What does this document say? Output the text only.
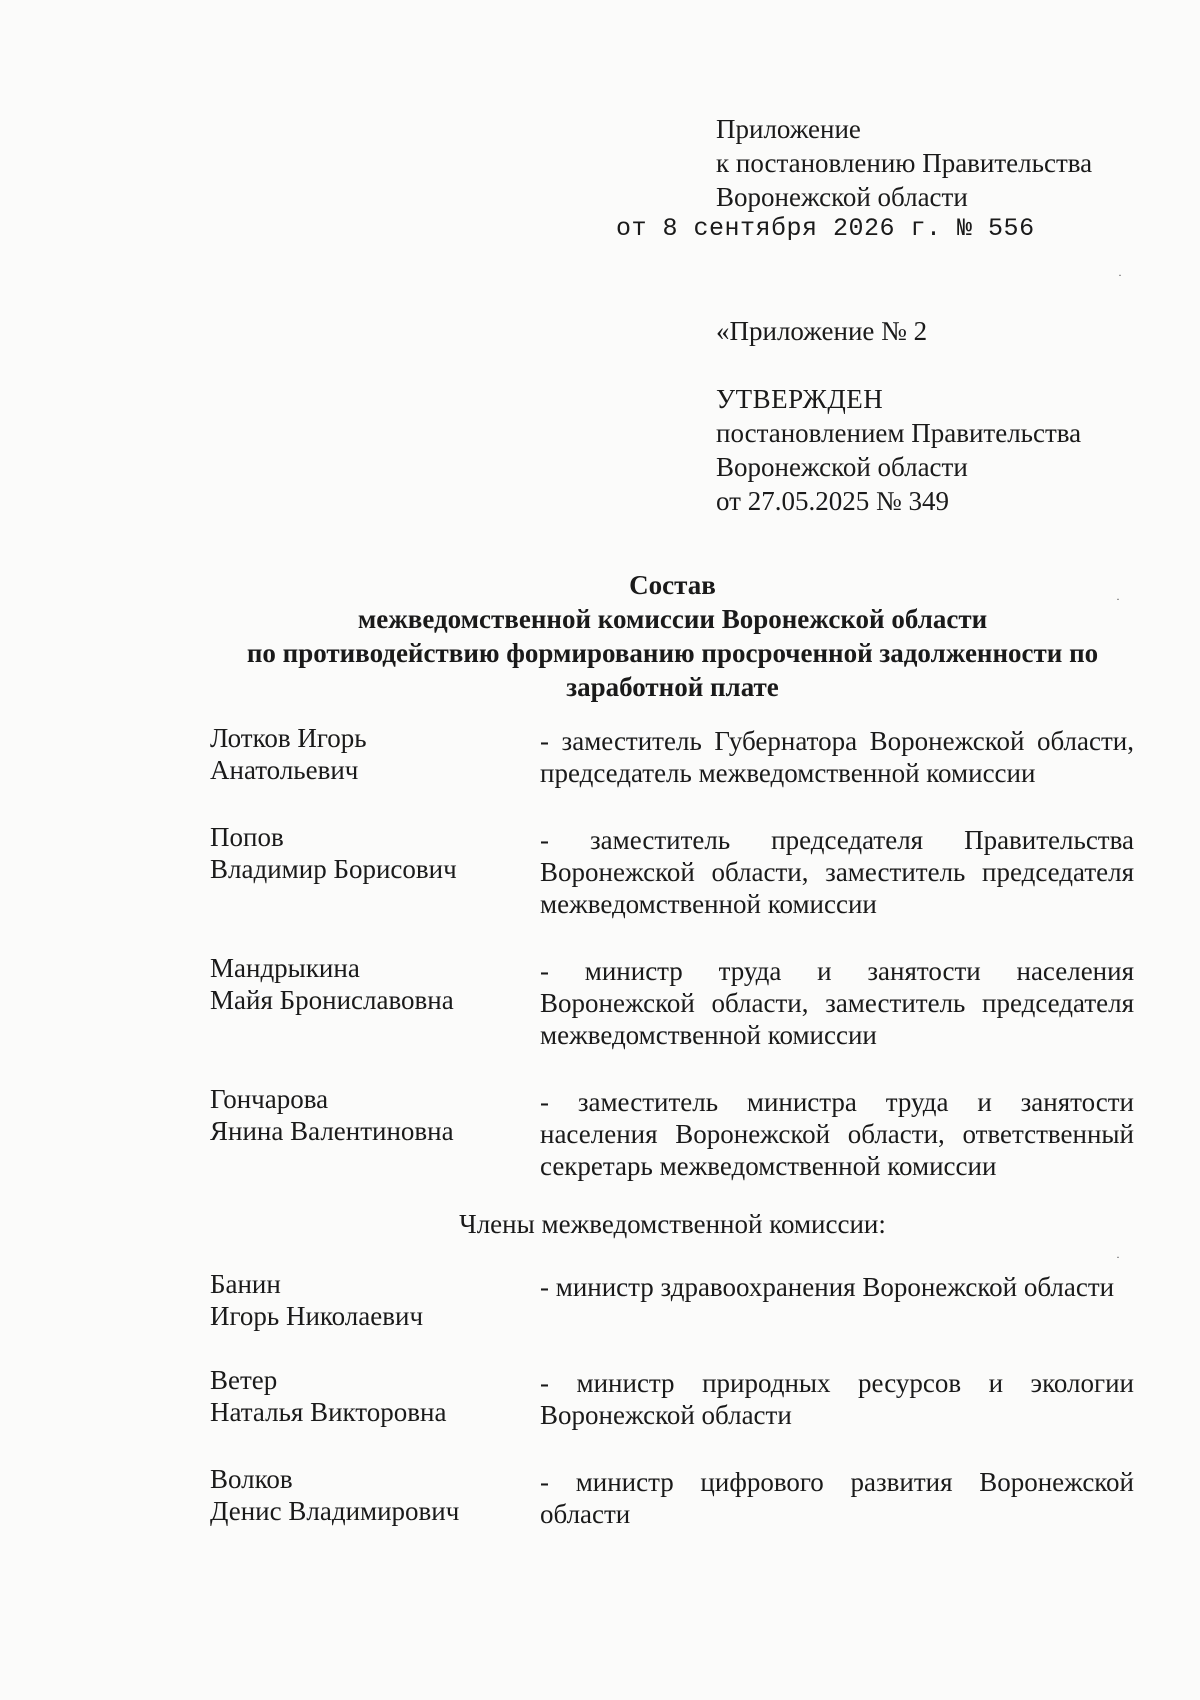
Приложение
к постановлению Правительства
Воронежской области
от 8 сентября 2026 г. № 556
«Приложение № 2
УТВЕРЖДЕН
постановлением Правительства
Воронежской области
от 27.05.2025 № 349
Состав
межведомственной комиссии Воронежской области
по противодействию формированию просроченной задолженности по
заработной плате
Лотков Игорь
Анатольевич
- заместитель Губернатора Воронежской области, председатель межведомственной комиссии
Попов
Владимир Борисович
- заместитель председателя Правительства Воронежской области, заместитель председателя межведомственной комиссии
Мандрыкина
Майя Брониславовна
- министр труда и занятости населения Воронежской области, заместитель председателя межведомственной комиссии
Гончарова
Янина Валентиновна
- заместитель министра труда и занятости населения Воронежской области, ответственный секретарь межведомственной комиссии
Члены межведомственной комиссии:
Банин
Игорь Николаевич
- министр здравоохранения Воронежской области
Ветер
Наталья Викторовна
- министр природных ресурсов и экологии Воронежской области
Волков
Денис Владимирович
- министр цифрового развития Воронежской области
·
·
·
